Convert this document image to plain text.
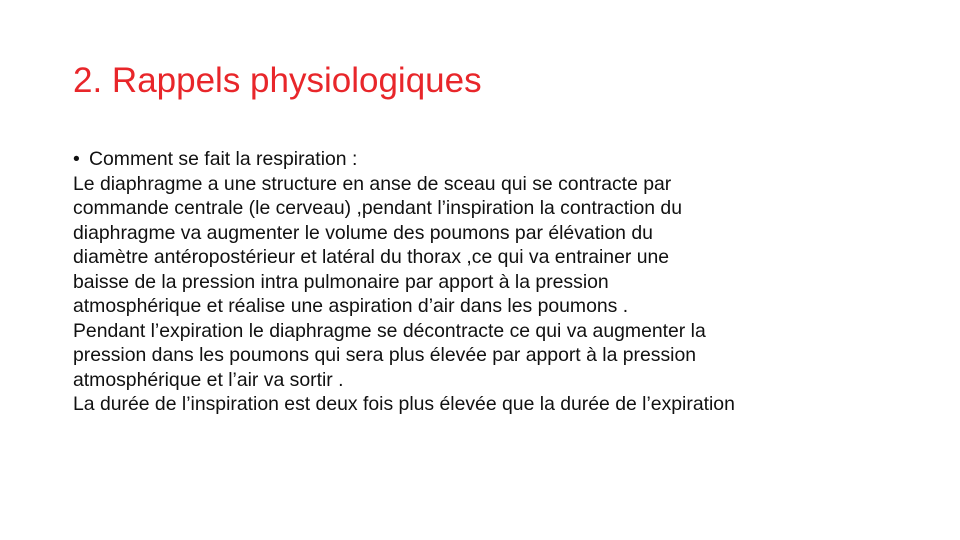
2. Rappels physiologiques
• Comment se fait la respiration :

Le diaphragme a une structure en anse de sceau qui se contracte par
commande centrale (le cerveau) ,pendant l’inspiration la contraction du
diaphragme va augmenter le volume des poumons par élévation du
diamètre antéropostérieur et latéral du thorax ,ce qui va entrainer une
baisse de la pression intra pulmonaire par apport à la pression
atmosphérique et réalise une aspiration d’air dans les poumons .

Pendant l’expiration le diaphragme se décontracte ce qui va augmenter la
pression dans les poumons qui sera plus élevée par apport à la pression
atmosphérique et l’air va sortir .

La durée de l’inspiration est deux fois plus élevée que la durée de l’expiration
